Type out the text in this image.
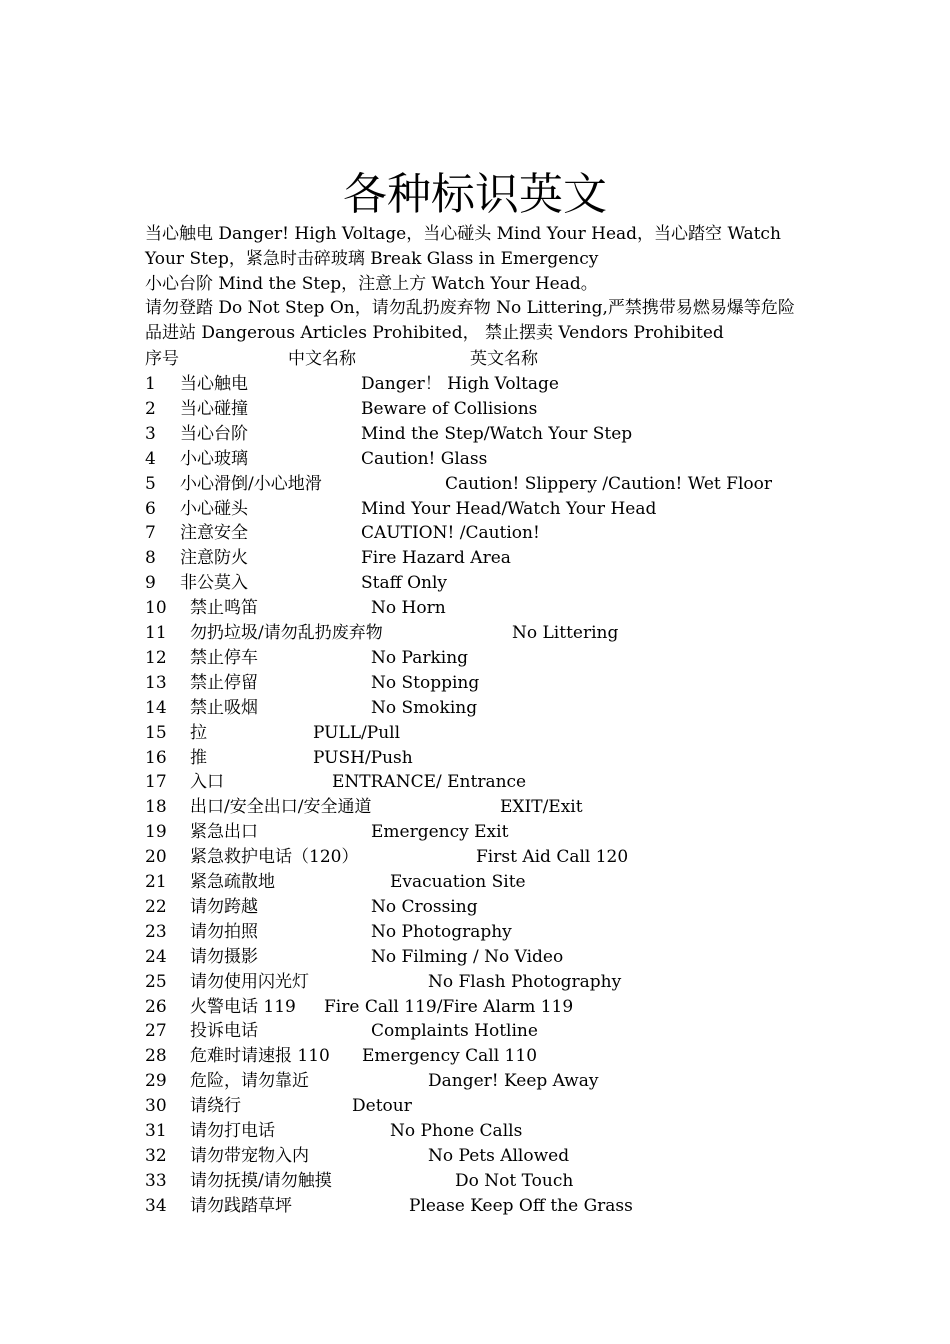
各种标识英文

当心触电 Danger! High Voltage，当心碰头 Mind Your Head，当心踏空 Watch Your Step，紧急时击碎玻璃 Break Glass in Emergency

小心台阶 Mind the Step，注意上方 Watch Your Head。

请勿登踏 Do Not Step On，请勿乱扔废弃物 No Littering,严禁携带易燃易爆等危险品进站 Dangerous Articles Prohibited， 禁止摆卖 Vendors Prohibited

序号	中文名称	英文名称
1 当心触电	Danger！ High Voltage
2 当心碰撞	Beware of Collisions
3 当心台阶	Mind the Step/Watch Your Step
4 小心玻璃	Caution! Glass
5 小心滑倒/小心地滑	Caution! Slippery /Caution! Wet Floor
6 小心碰头	Mind Your Head/Watch Your Head
7 注意安全	CAUTION! /Caution!
8 注意防火	Fire Hazard Area
9 非公莫入	Staff Only
10 禁止鸣笛	No Horn
11 勿扔垃圾/请勿乱扔废弃物	No Littering
12 禁止停车	No Parking
13 禁止停留	No Stopping
14 禁止吸烟	No Smoking
15 拉	PULL/Pull
16 推	PUSH/Push
17 入口	ENTRANCE/ Entrance
18 出口/安全出口/安全通道	EXIT/Exit
19 紧急出口	Emergency Exit
20 紧急救护电话（120）	First Aid Call 120
21 紧急疏散地	Evacuation Site
22 请勿跨越	No Crossing
23 请勿拍照	No Photography
24 请勿摄影	No Filming / No Video
25 请勿使用闪光灯	No Flash Photography
26 火警电话 119 Fire Call 119/Fire Alarm 119
27 投诉电话	Complaints Hotline
28 危难时请速报 110 Emergency Call 110
29 危险，请勿靠近	Danger! Keep Away
30 请绕行	Detour
31 请勿打电话	No Phone Calls
32 请勿带宠物入内	No Pets Allowed
33 请勿抚摸/请勿触摸	Do Not Touch
34 请勿践踏草坪	Please Keep Off the Grass
